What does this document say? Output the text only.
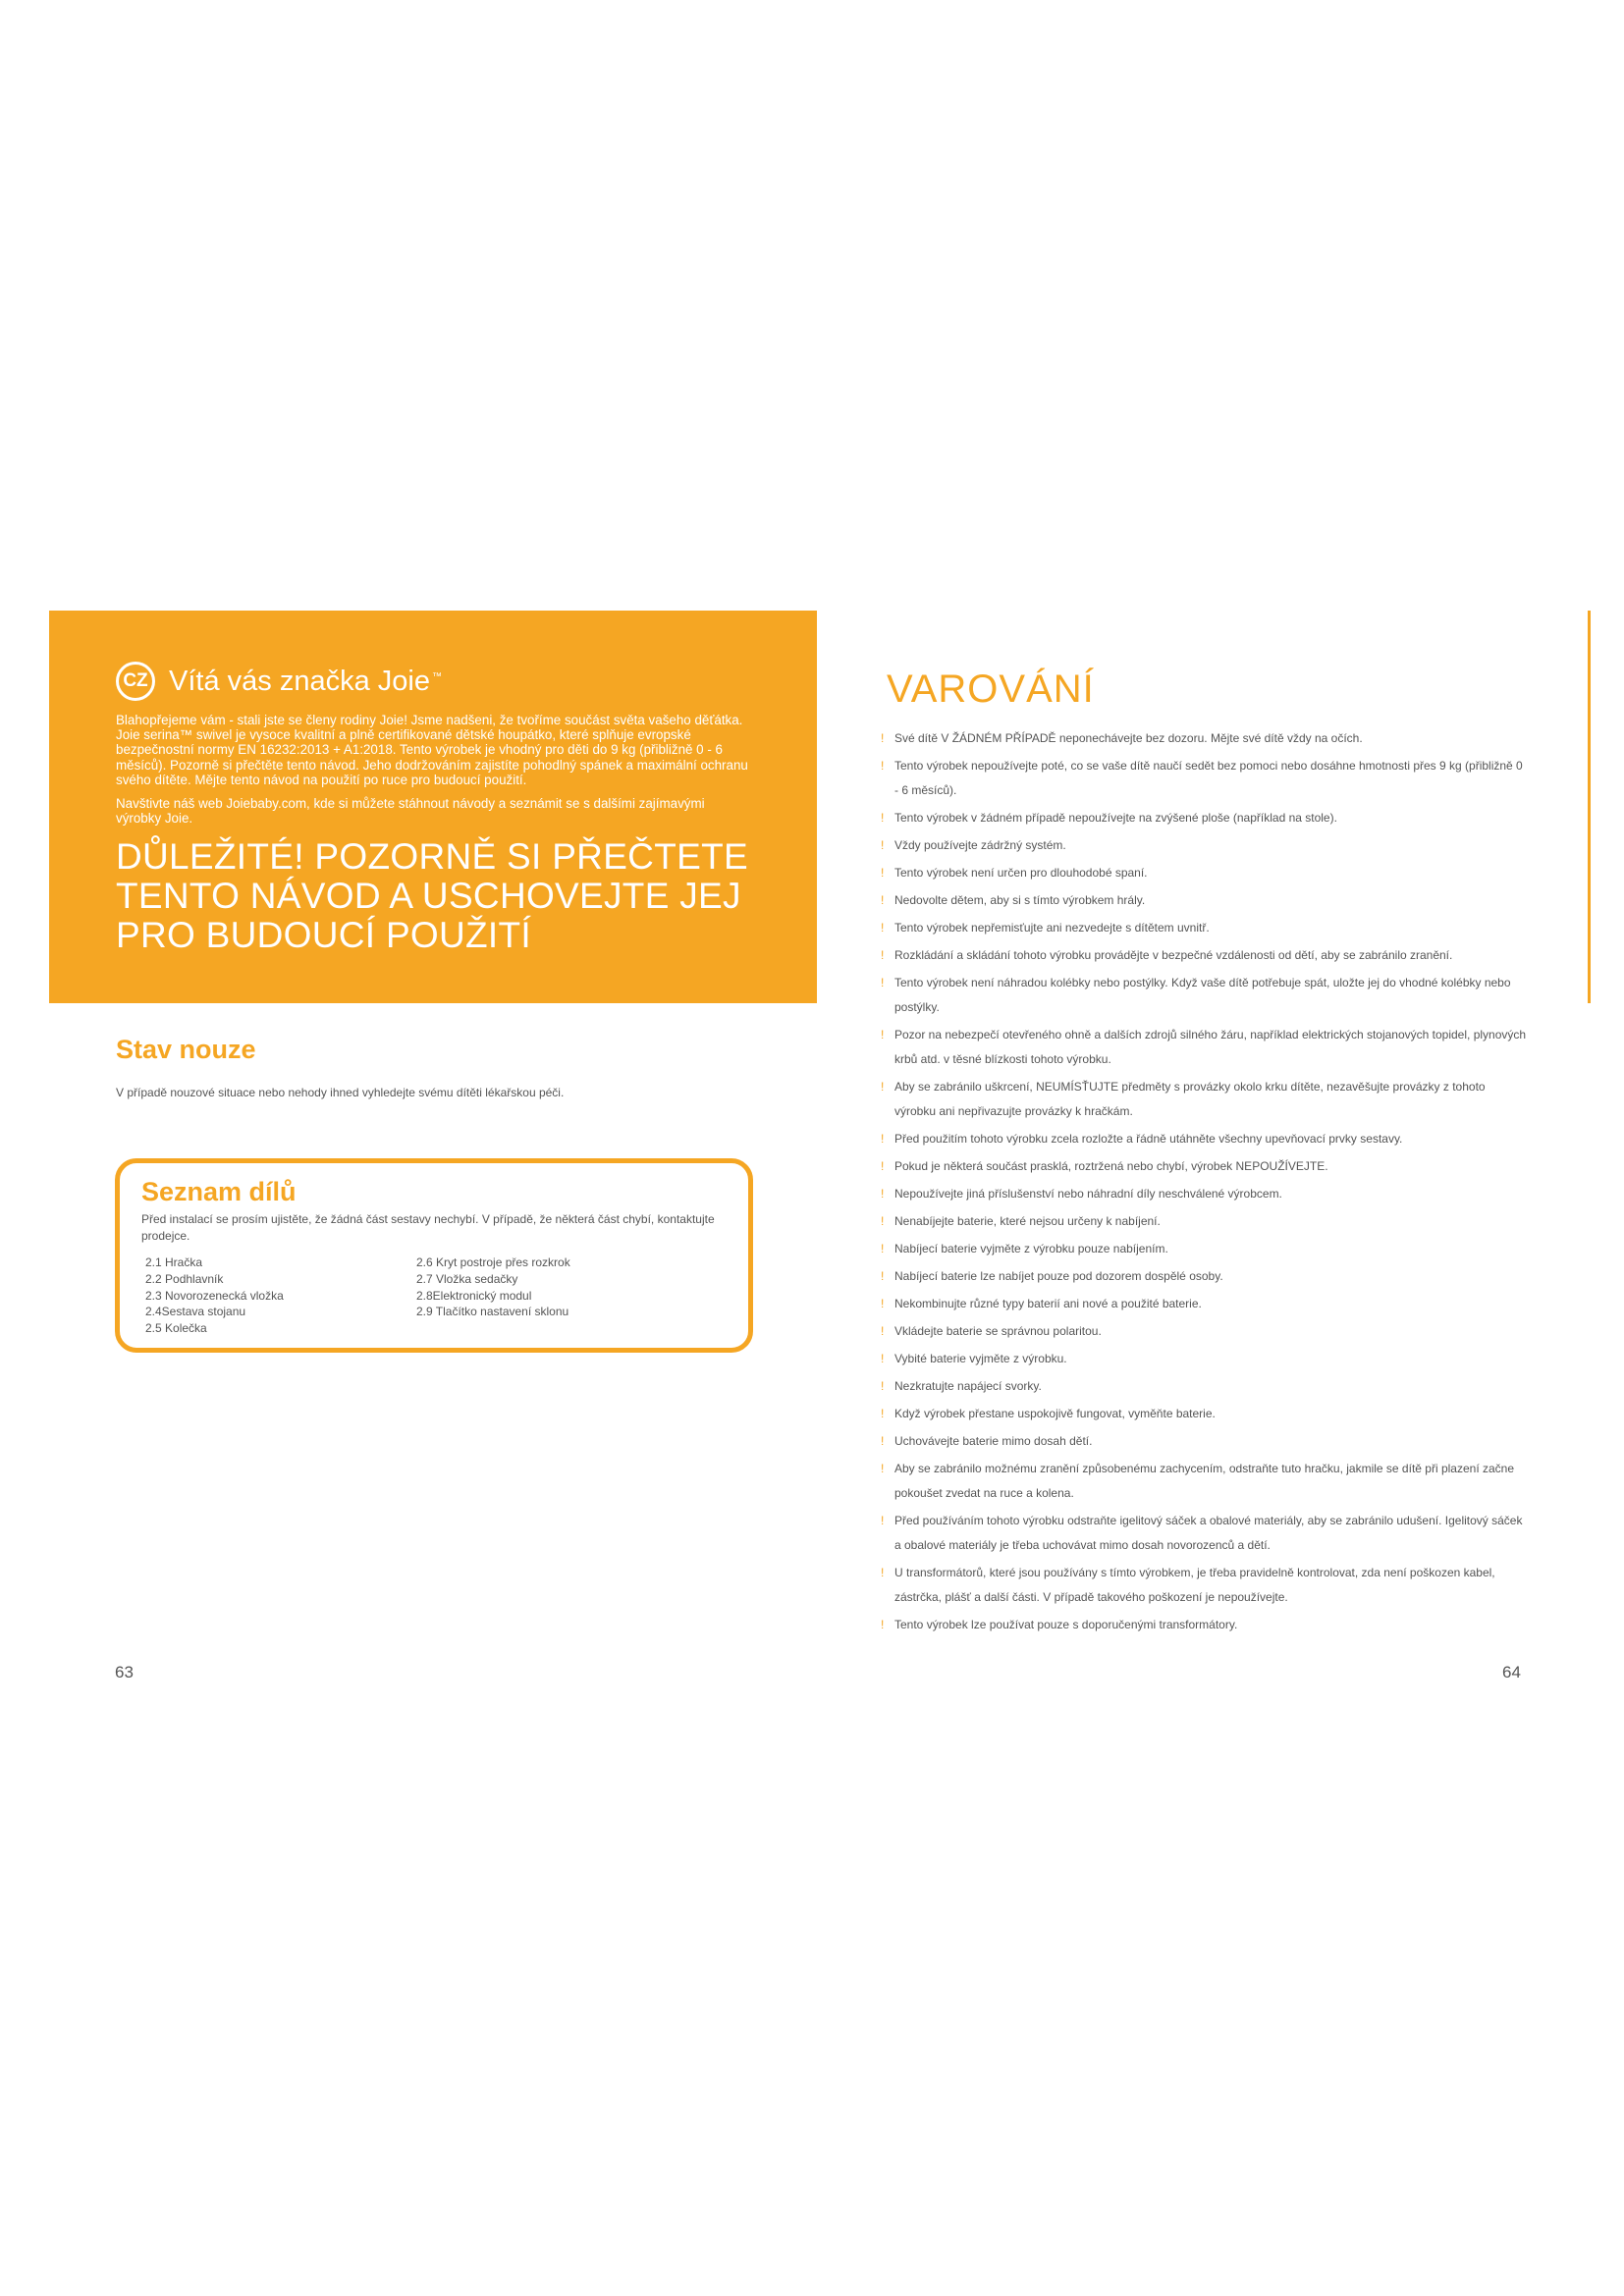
CZ Vítá vás značka Joie ™
Blahopřejeme vám - stali jste se členy rodiny Joie! Jsme nadšeni, že tvoříme součást světa vašeho děťátka. Joie serina™ swivel je vysoce kvalitní a plně certifikované dětské houpátko, které splňuje evropské bezpečnostní normy EN 16232:2013 + A1:2018. Tento výrobek je vhodný pro děti do 9 kg (přibližně 0 - 6 měsíců). Pozorně si přečtěte tento návod. Jeho dodržováním zajistíte pohodlný spánek a maximální ochranu svého dítěte. Mějte tento návod na použití po ruce pro budoucí použití.
Navštivte náš web Joiebaby.com, kde si můžete stáhnout návody a seznámit se s dalšími zajímavými výrobky Joie.
DŮLEŽITÉ! POZORNĚ SI PŘEČTETE TENTO NÁVOD A USCHOVEJTE JEJ PRO BUDOUCÍ POUŽITÍ
Stav nouze
V případě nouzové situace nebo nehody ihned vyhledejte svému dítěti lékařskou péči.
Seznam dílů
Před instalací se prosím ujistěte, že žádná část sestavy nechybí. V případě, že některá část chybí, kontaktujte prodejce.
2.1 Hračka	2.6 Kryt postroje přes rozkrok
2.2 Podhlavník	2.7 Vložka sedačky
2.3 Novorozenecká vložka	2.8Elektronický modul
2.4Sestava stojanu	2.9 Tlačítko nastavení sklonu
2.5 Kolečka
63
VAROVÁNÍ
! Své dítě V ŽÁDNÉM PŘÍPADĚ neponechávejte bez dozoru. Mějte své dítě vždy na očích.
! Tento výrobek nepoužívejte poté, co se vaše dítě naučí sedět bez pomoci nebo dosáhne hmotnosti přes 9 kg (přibližně 0 - 6 měsíců).
! Tento výrobek v žádném případě nepoužívejte na zvýšené ploše (například na stole).
! Vždy používejte zádržný systém.
! Tento výrobek není určen pro dlouhodobé spaní.
! Nedovolte dětem, aby si s tímto výrobkem hrály.
! Tento výrobek nepřemisťujte ani nezvedejte s dítětem uvnitř.
! Rozkládání a skládání tohoto výrobku provádějte v bezpečné vzdálenosti od dětí, aby se zabránilo zranění.
! Tento výrobek není náhradou kolébky nebo postýlky. Když vaše dítě potřebuje spát, uložte jej do vhodné kolébky nebo postýlky.
! Pozor na nebezpečí otevřeného ohně a dalších zdrojů silného žáru, například elektrických stojanových topidel, plynových krbů atd. v těsné blízkosti tohoto výrobku.
! Aby se zabránilo uškrcení, NEUMÍSŤUJTE předměty s provázky okolo krku dítěte, nezavěšujte provázky z tohoto výrobku ani nepřivazujte provázky k hračkám.
! Před použitím tohoto výrobku zcela rozložte a řádně utáhněte všechny upevňovací prvky sestavy.
! Pokud je některá součást prasklá, roztržená nebo chybí, výrobek NEPOUŽÍVEJTE.
! Nepoužívejte jiná příslušenství nebo náhradní díly neschválené výrobcem.
! Nenabíjejte baterie, které nejsou určeny k nabíjení.
! Nabíjecí baterie vyjměte z výrobku pouze nabíjením.
! Nabíjecí baterie lze nabíjet pouze pod dozorem dospělé osoby.
! Nekombinujte různé typy baterií ani nové a použité baterie.
! Vkládejte baterie se správnou polaritou.
! Vybité baterie vyjměte z výrobku.
! Nezkratujte napájecí svorky.
! Když výrobek přestane uspokojivě fungovat, vyměňte baterie.
! Uchovávejte baterie mimo dosah dětí.
! Aby se zabránilo možnému zranění způsobenému zachycením, odstraňte tuto hračku, jakmile se dítě při plazení začne pokoušet zvedat na ruce a kolena.
! Před používáním tohoto výrobku odstraňte igelitový sáček a obalové materiály, aby se zabránilo udušení. Igelitový sáček a obalové materiály je třeba uchovávat mimo dosah novorozenců a dětí.
! U transformátorů, které jsou používány s tímto výrobkem, je třeba pravidelně kontrolovat, zda není poškozen kabel, zástrčka, plášť a další části. V případě takového poškození je nepoužívejte.
! Tento výrobek lze používat pouze s doporučenými transformátory.
64
